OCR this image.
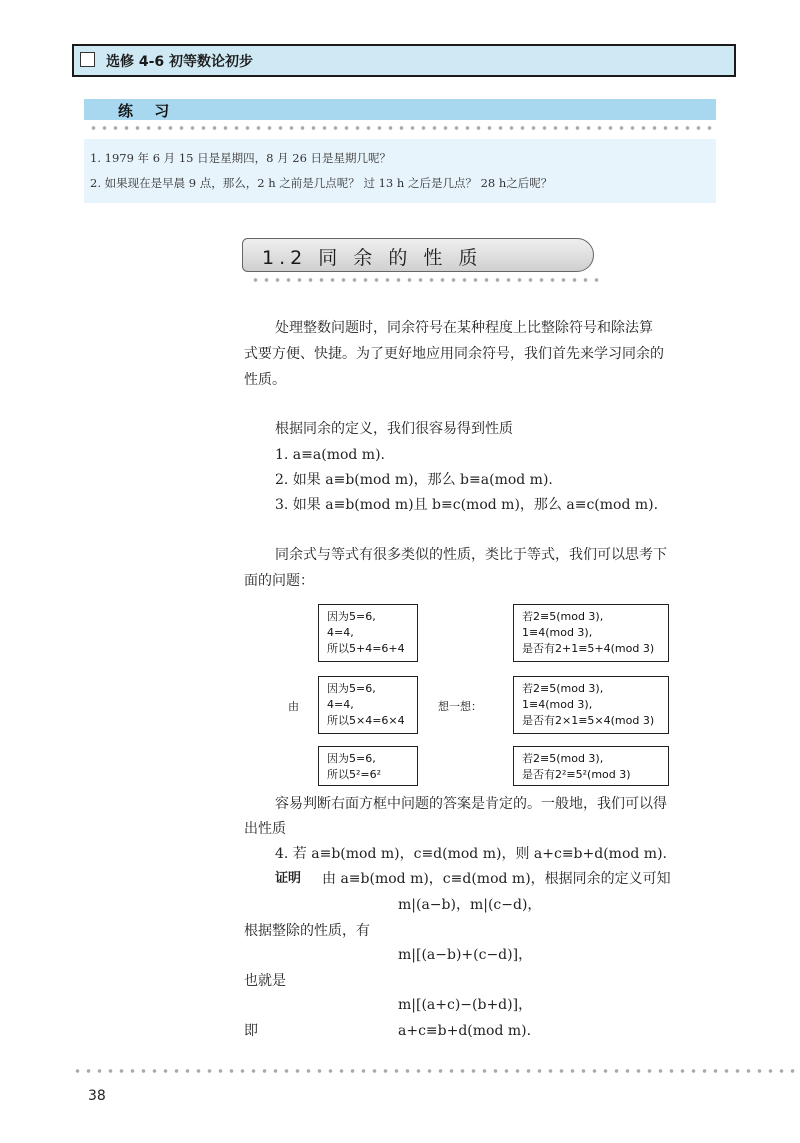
选修 4-6 初等数论初步
练 习
1. 1979 年 6 月 15 日是星期四，8 月 26 日是星期几呢？
2. 如果现在是早晨 9 点，那么，2 h 之前是几点呢？ 过 13 h 之后是几点？ 28 h之后呢？
1.2 同 余 的 性 质
处理整数问题时，同余符号在某种程度上比整除符号和除法算
式要方便、快捷。为了更好地应用同余符号，我们首先来学习同余的
性质。
根据同余的定义，我们很容易得到性质
1. a≡a(mod m).
2. 如果 a≡b(mod m)，那么 b≡a(mod m).
3. 如果 a≡b(mod m)且 b≡c(mod m)，那么 a≡c(mod m).
同余式与等式有很多类似的性质，类比于等式，我们可以思考下
面的问题：
因为5=6,
4=4,
所以5+4=6+4
因为5=6,
4=4,
所以5×4=6×4
因为5=6,
所以5²=6²
若2≡5(mod 3),
1≡4(mod 3),
是否有2+1≡5+4(mod 3)
若2≡5(mod 3),
1≡4(mod 3),
是否有2×1≡5×4(mod 3)
若2≡5(mod 3),
是否有2²≡5²(mod 3)
由	想一想：
容易判断右面方框中问题的答案是肯定的。一般地，我们可以得
出性质
4. 若 a≡b(mod m)，c≡d(mod m)，则 a+c≡b+d(mod m).
证明 由 a≡b(mod m)，c≡d(mod m)，根据同余的定义可知
m|(a−b)，m|(c−d)，
根据整除的性质，有
m|[(a−b)+(c−d)]，
也就是
m|[(a+c)−(b+d)]，
即	a+c≡b+d(mod m).
38
